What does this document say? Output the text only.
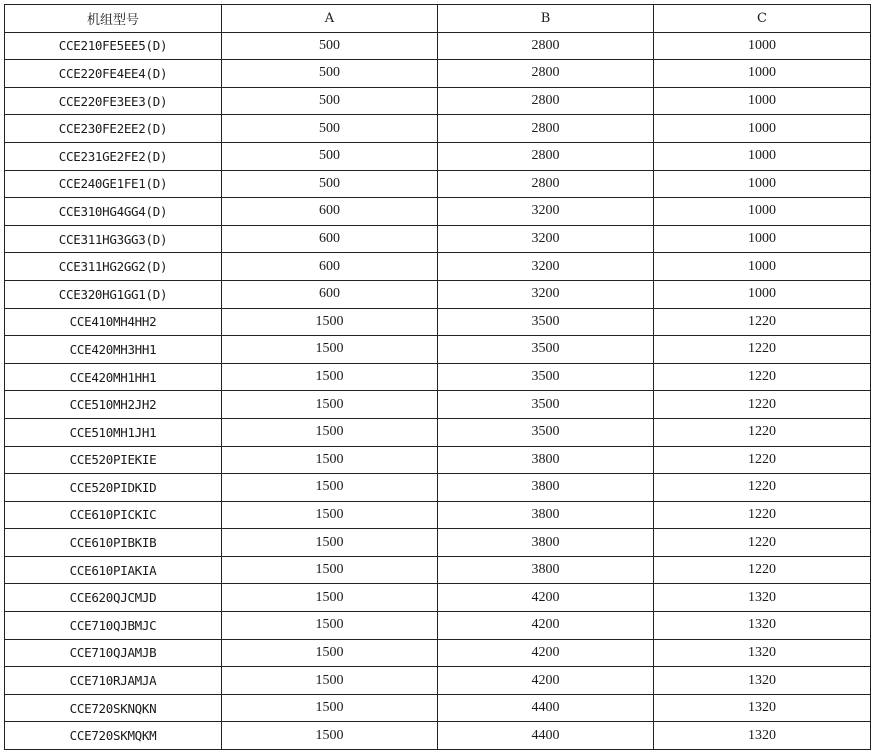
机组型号	A	B	C
CCE210FE5EE5(D)	500	2800	1000
CCE220FE4EE4(D)	500	2800	1000
CCE220FE3EE3(D)	500	2800	1000
CCE230FE2EE2(D)	500	2800	1000
CCE231GE2FE2(D)	500	2800	1000
CCE240GE1FE1(D)	500	2800	1000
CCE310HG4GG4(D)	600	3200	1000
CCE311HG3GG3(D)	600	3200	1000
CCE311HG2GG2(D)	600	3200	1000
CCE320HG1GG1(D)	600	3200	1000
CCE410MH4HH2	1500	3500	1220
CCE420MH3HH1	1500	3500	1220
CCE420MH1HH1	1500	3500	1220
CCE510MH2JH2	1500	3500	1220
CCE510MH1JH1	1500	3500	1220
CCE520PIEKIE	1500	3800	1220
CCE520PIDKID	1500	3800	1220
CCE610PICKIC	1500	3800	1220
CCE610PIBKIB	1500	3800	1220
CCE610PIAKIA	1500	3800	1220
CCE620QJCMJD	1500	4200	1320
CCE710QJBMJC	1500	4200	1320
CCE710QJAMJB	1500	4200	1320
CCE710RJAMJA	1500	4200	1320
CCE720SKNQKN	1500	4400	1320
CCE720SKMQKM	1500	4400	1320
